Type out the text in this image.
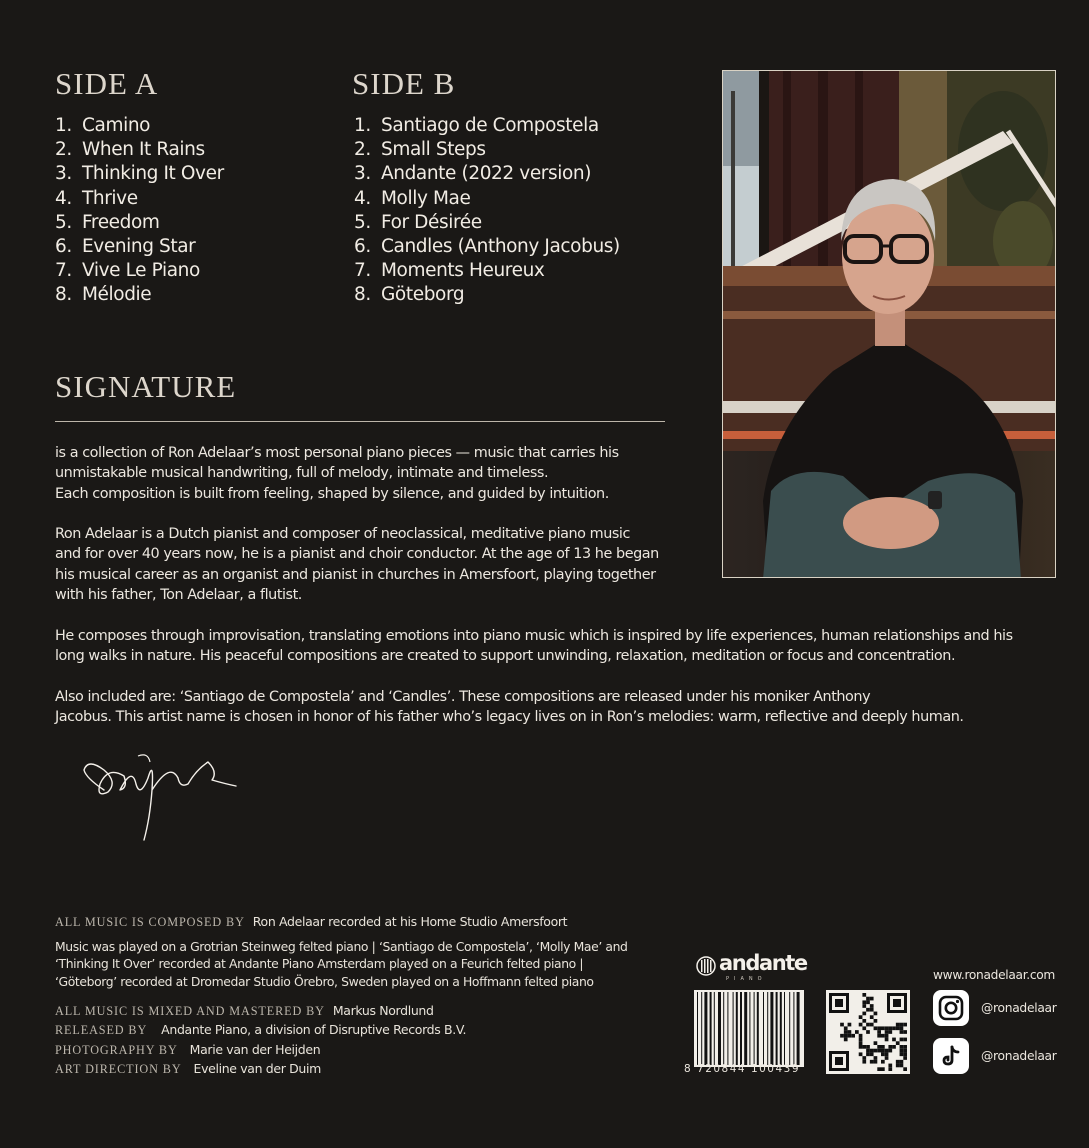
SIDE A
1. Camino
2. When It Rains
3. Thinking It Over
4. Thrive
5. Freedom
6. Evening Star
7. Vive Le Piano
8. Mélodie
SIDE B
1. Santiago de Compostela
2. Small Steps
3. Andante (2022 version)
4. Molly Mae
5. For Désirée
6. Candles (Anthony Jacobus)
7. Moments Heureux
8. Göteborg
SIGNATURE

is a collection of Ron Adelaar’s most personal piano pieces — music that carries his
unmistakable musical handwriting, full of melody, intimate and timeless.
Each composition is built from feeling, shaped by silence, and guided by intuition.

Ron Adelaar is a Dutch pianist and composer of neoclassical, meditative piano music
and for over 40 years now, he is a pianist and choir conductor. At the age of 13 he began
his musical career as an organist and pianist in churches in Amersfoort, playing together
with his father, Ton Adelaar, a flutist.

He composes through improvisation, translating emotions into piano music which is inspired by life experiences, human relationships and his
long walks in nature. His peaceful compositions are created to support unwinding, relaxation, meditation or focus and concentration.

Also included are: ‘Santiago de Compostela’ and ‘Candles’. These compositions are released under his moniker Anthony
Jacobus. This artist name is chosen in honor of his father who’s legacy lives on in Ron’s melodies: warm, reflective and deeply human.

ALL MUSIC IS COMPOSED BY Ron Adelaar recorded at his Home Studio Amersfoort

Music was played on a Grotrian Steinweg felted piano | ‘Santiago de Compostela’, ‘Molly Mae’ and
‘Thinking It Over’ recorded at Andante Piano Amsterdam played on a Feurich felted piano |
‘Göteborg’ recorded at Dromedar Studio Örebro, Sweden played on a Hoffmann felted piano

ALL MUSIC IS MIXED AND MASTERED BY Markus Nordlund
RELEASED BY Andante Piano, a division of Disruptive Records B.V.
PHOTOGRAPHY BY Marie van der Heijden
ART DIRECTION BY Eveline van der Duim
andante
PIANO
8 720844 100439
www.ronadelaar.com
@ronadelaar
@ronadelaar
